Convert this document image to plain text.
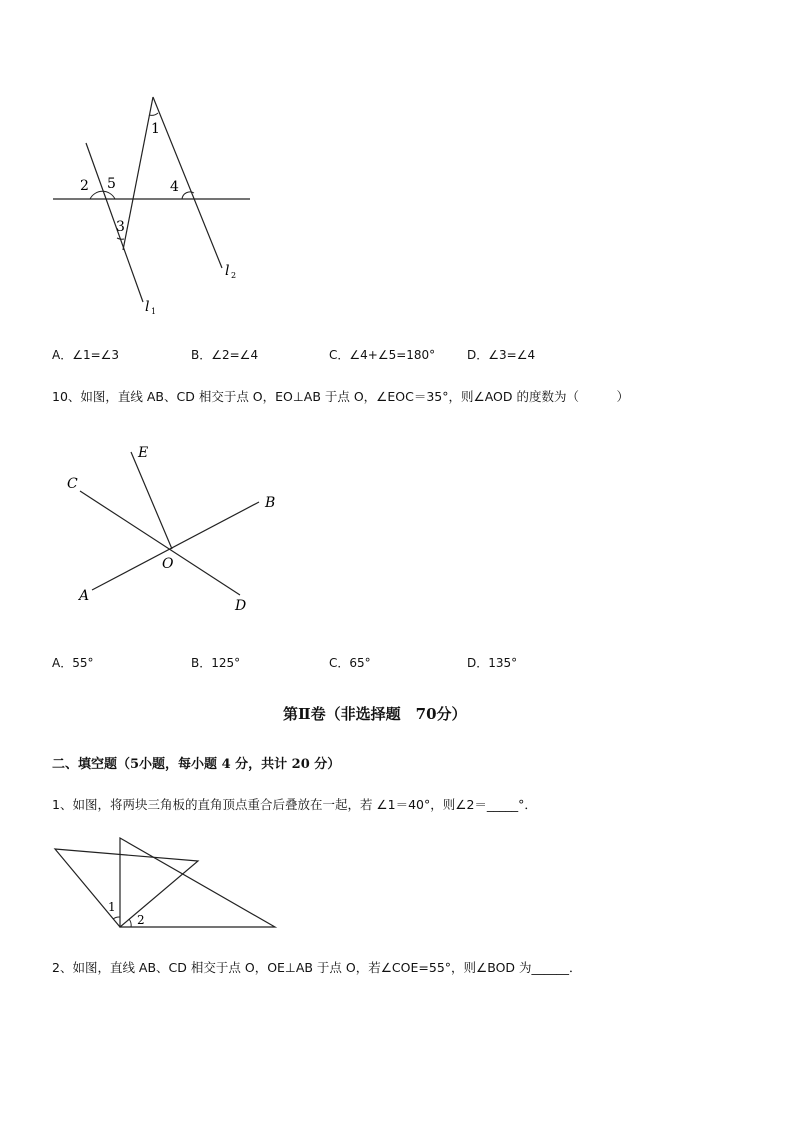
1
2 5
3
4
l 1
l 2
A．∠1=∠3	B．∠2=∠4	C．∠4+∠5=180°	D．∠3=∠4
10、如图，直线 AB、CD 相交于点 O，EO⊥AB 于点 O，∠EOC＝35°，则∠AOD 的度数为（　　　）
E
C
B
O
A
D
A．55°	B．125°	C．65°	D．135°
第Ⅱ卷（非选择题　70分）
二、填空题（5小题，每小题 4 分，共计 20 分）
1、如图，将两块三角板的直角顶点重合后叠放在一起，若 ∠1＝40°，则∠2＝_____°．
1
2
2、如图，直线 AB、CD 相交于点 O，OE⊥AB 于点 O，若∠COE=55°，则∠BOD 为______．
